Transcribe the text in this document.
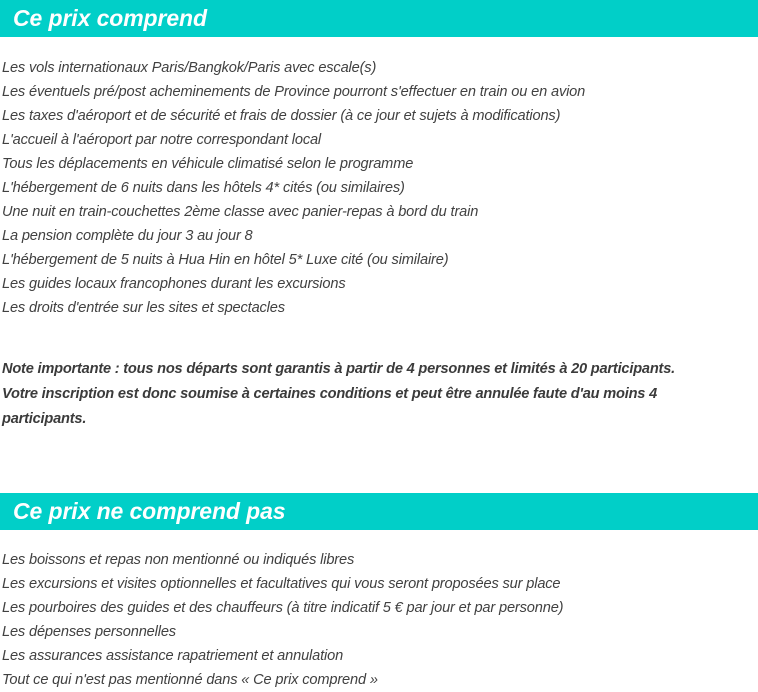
Ce prix comprend
Les vols internationaux Paris/Bangkok/Paris avec escale(s)
Les éventuels pré/post acheminements de Province pourront s'effectuer en train ou en avion
Les taxes d'aéroport et de sécurité et frais de dossier (à ce jour et sujets à modifications)
L'accueil à l'aéroport par notre correspondant local
Tous les déplacements en véhicule climatisé selon le programme
L'hébergement de 6 nuits dans les hôtels 4* cités (ou similaires)
Une nuit en train-couchettes 2ème classe avec panier-repas à bord du train
La pension complète du jour 3 au jour 8
L'hébergement de 5 nuits à Hua Hin en hôtel 5* Luxe cité (ou similaire)
Les guides locaux francophones durant les excursions
Les droits d'entrée sur les sites et spectacles

Note importante : tous nos départs sont garantis à partir de 4 personnes et limités à 20 participants. Votre inscription est donc soumise à certaines conditions et peut être annulée faute d'au moins 4 participants.

Ce prix ne comprend pas
Les boissons et repas non mentionné ou indiqués libres
Les excursions et visites optionnelles et facultatives qui vous seront proposées sur place
Les pourboires des guides et des chauffeurs (à titre indicatif 5 € par jour et par personne)
Les dépenses personnelles
Les assurances assistance rapatriement et annulation
Tout ce qui n'est pas mentionné dans « Ce prix comprend »
